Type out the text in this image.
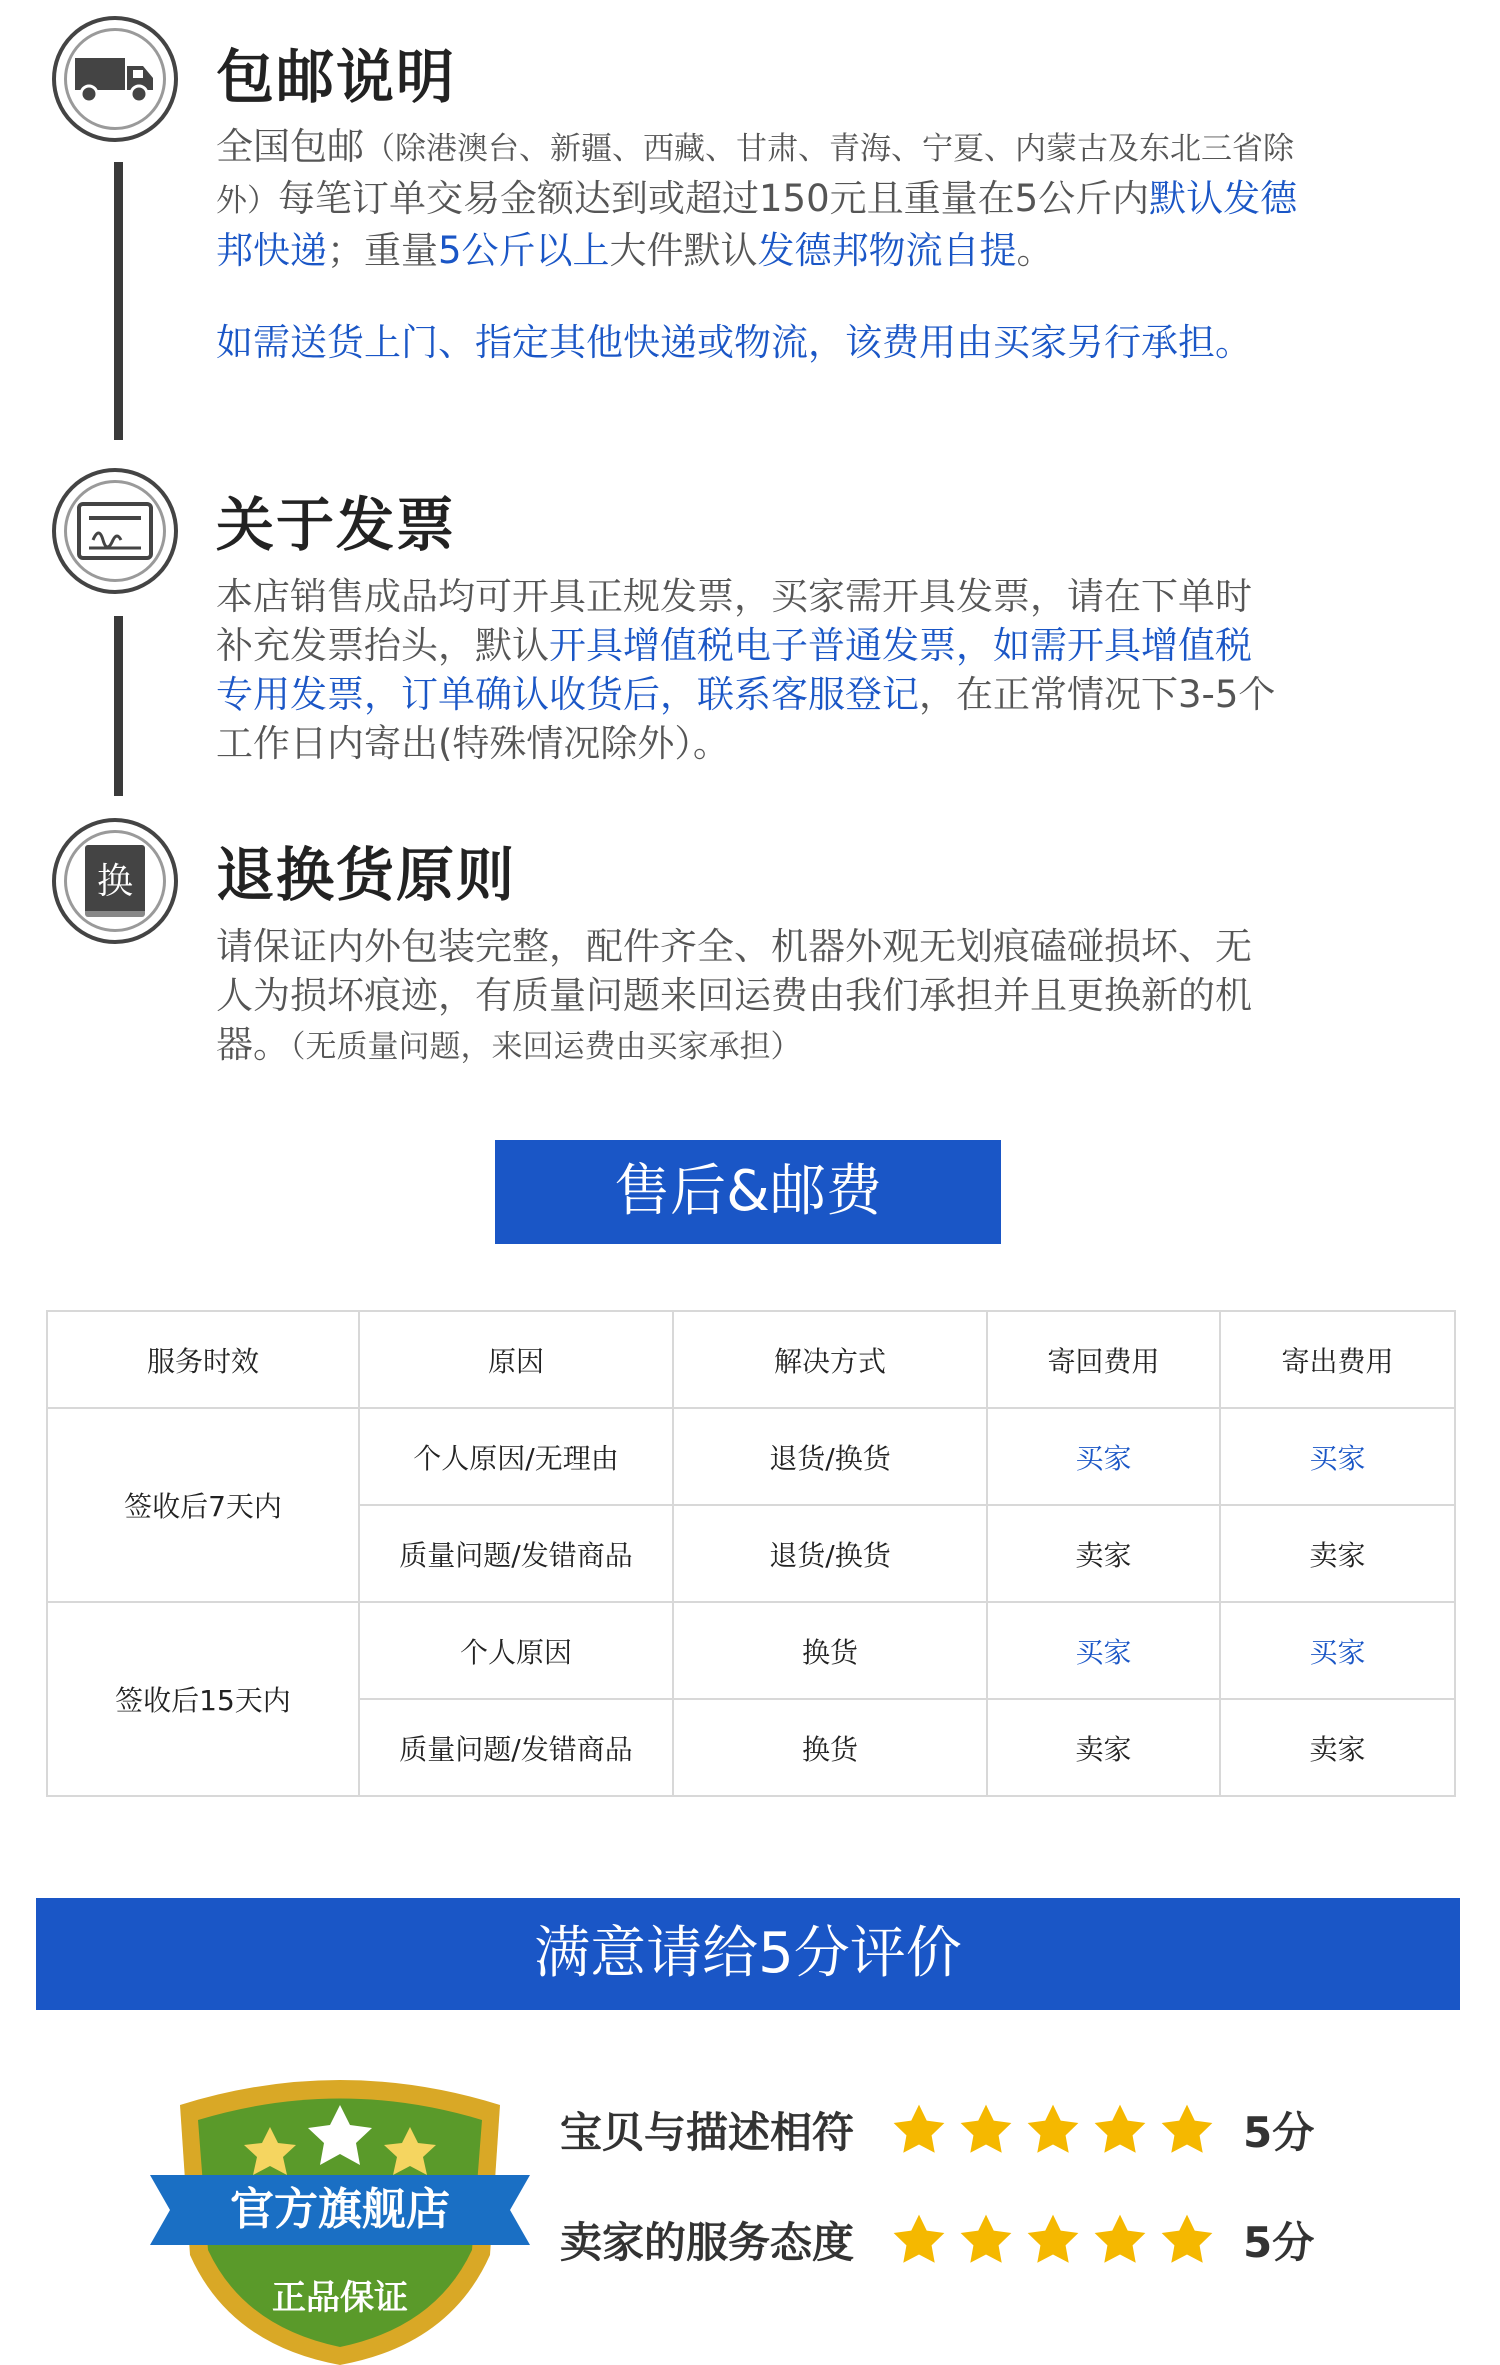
包邮说明
全国包邮（除港澳台、新疆、西藏、甘肃、青海、宁夏、内蒙古及东北三省除
外）每笔订单交易金额达到或超过150元且重量在5公斤内默认发德
邦快递；重量5公斤以上大件默认发德邦物流自提。
如需送货上门、指定其他快递或物流，该费用由买家另行承担。
关于发票
本店销售成品均可开具正规发票，买家需开具发票，请在下单时
补充发票抬头，默认开具增值税电子普通发票，如需开具增值税
专用发票，订单确认收货后，联系客服登记，在正常情况下3-5个
工作日内寄出(特殊情况除外）。
换 退换货原则
请保证内外包装完整，配件齐全、机器外观无划痕磕碰损坏、无
人为损坏痕迹，有质量问题来回运费由我们承担并且更换新的机
器。（无质量问题，来回运费由买家承担）
售后&邮费
服务时效	原因	解决方式	寄回费用	寄出费用
签收后7天内	个人原因/无理由	退货/换货	买家	买家
	质量问题/发错商品	退货/换货	卖家	卖家
签收后15天内	个人原因	换货	买家	买家
	质量问题/发错商品	换货	卖家	卖家
满意请给5分评价
官方旗舰店
正品保证
宝贝与描述相符	5分
卖家的服务态度	5分
